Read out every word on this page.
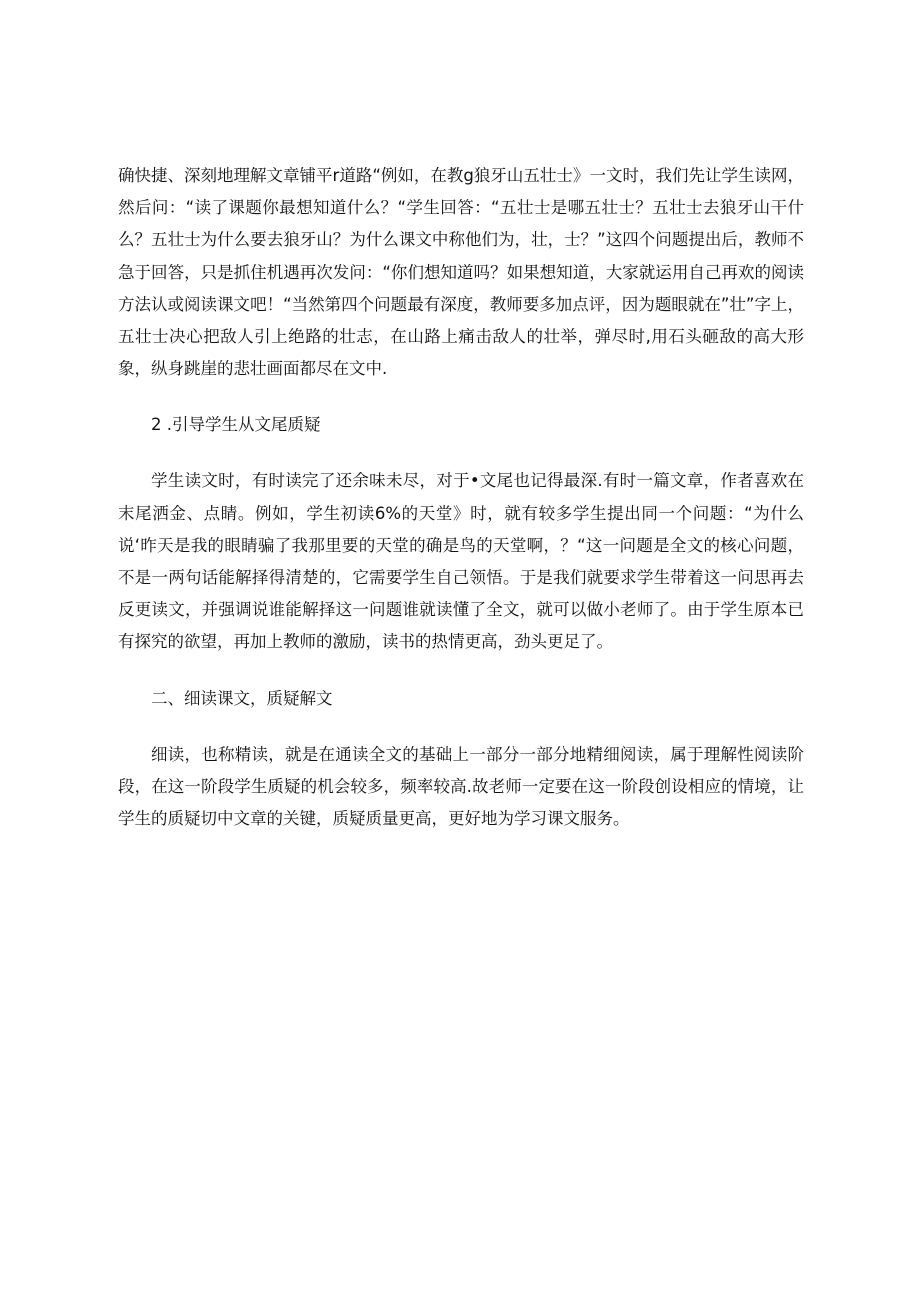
确快捷、深刻地理解文章铺平r道路“例如，在教g狼牙山五壮士》一文时，我们先让学生读网，然后问：“读了课题你最想知道什么？“学生回答：“五壮士是哪五壮士？五壮士去狼牙山干什么？五壮士为什么要去狼牙山？为什么课文中称他们为，壮，士？”这四个问题提出后，教师不急于回答，只是抓住机遇再次发问：“你们想知道吗？如果想知道，大家就运用自己再欢的阅读方法认或阅读课文吧！“当然第四个问题最有深度，教师要多加点评，因为题眼就在”壮”字上，五壮士决心把敌人引上绝路的壮志，在山路上痛击敌人的壮举，弹尽时,用石头砸敌的高大形象，纵身跳崖的悲壮画面都尽在文中.

2 .引导学生从文尾质疑

学生读文时，有时读完了还余味未尽，对于•文尾也记得最深.有时一篇文章，作者喜欢在末尾洒金、点睛。例如，学生初读6%的天堂》时，就有较多学生提出同一个问题：“为什么说‘昨天是我的眼睛骗了我那里要的天堂的确是鸟的天堂啊，？“这一问题是全文的核心问题，不是一两句话能解择得清楚的，它需要学生自己领悟。于是我们就要求学生带着这一问思再去反更读文，并强调说谁能解择这一问题谁就读懂了全文，就可以做小老师了。由于学生原本已有探究的欲望，再加上教师的激励，读书的热情更高，劲头更足了。

二、细读课文，质疑解文

细读，也称精读，就是在通读全文的基础上一部分一部分地精细阅读，属于理解性阅读阶段，在这一阶段学生质疑的机会较多，频率较高.故老师一定要在这一阶段创设相应的情境，让学生的质疑切中文章的关键，质疑质量更高，更好地为学习课文服务。
